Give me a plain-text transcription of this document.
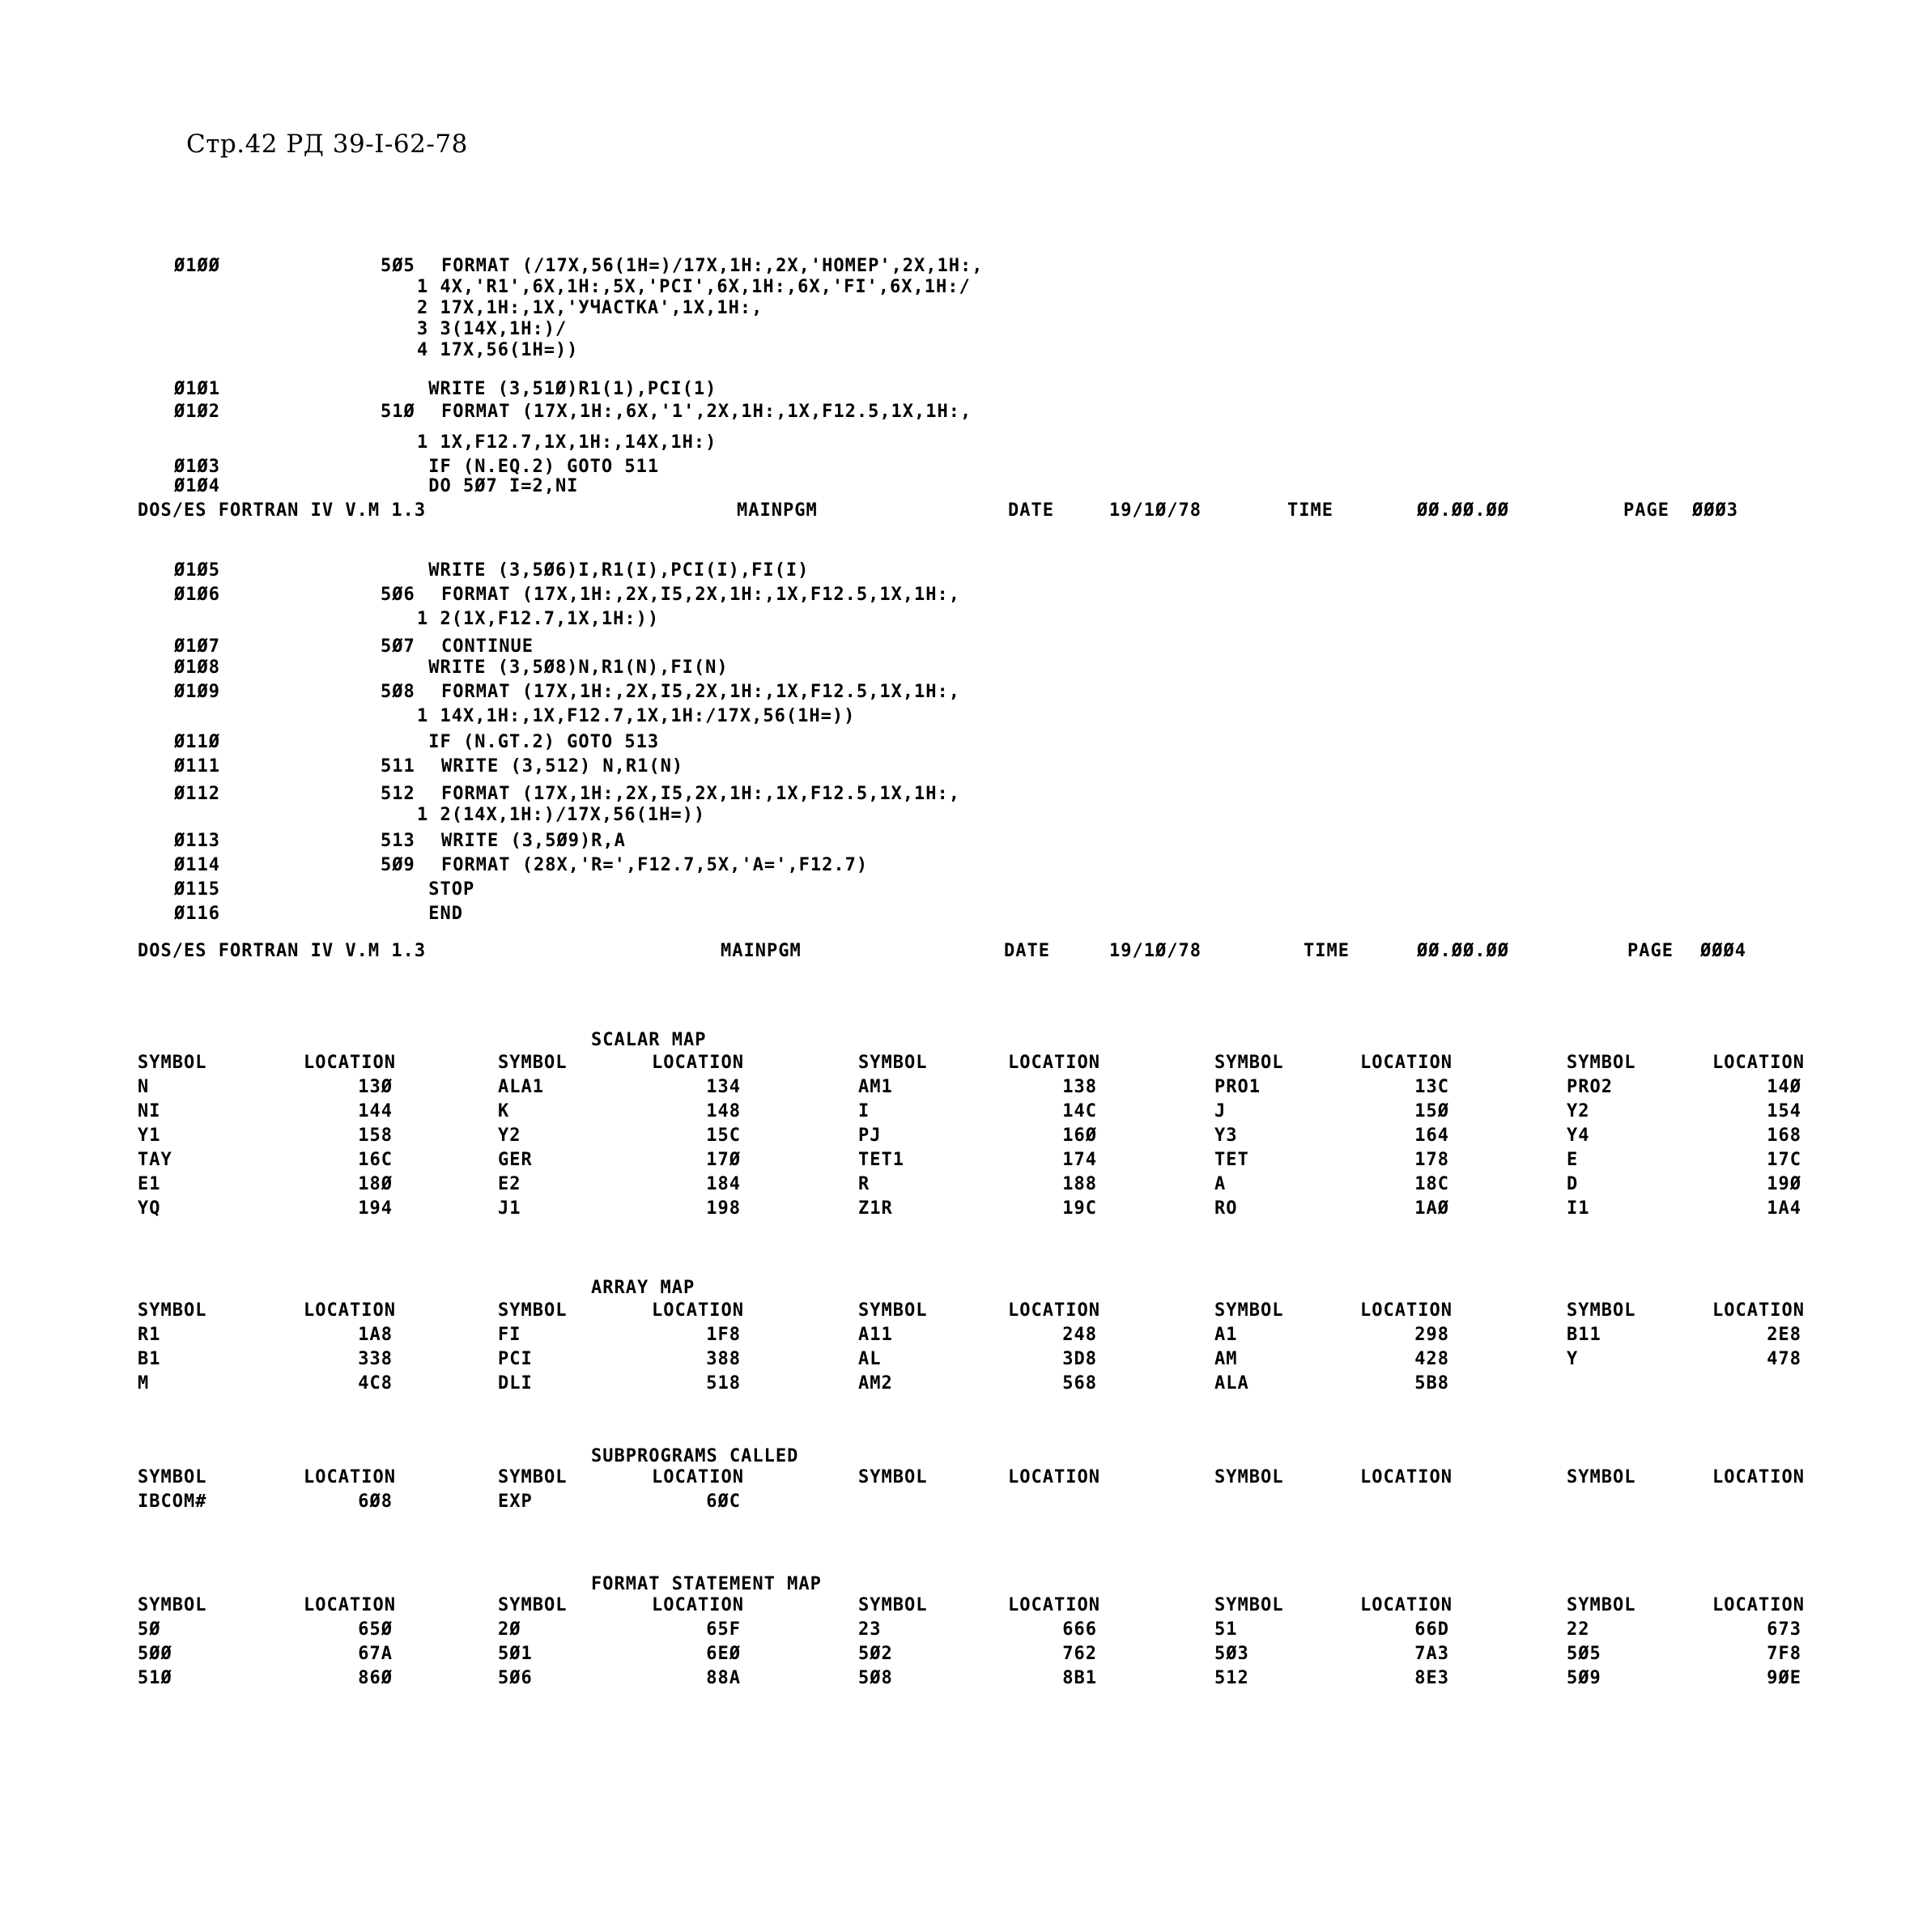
Стр.42 РД 39-I-62-78
Ø1ØØ	5Ø5 FORMAT (/17X,56(1H=)/17X,1H:,2X,'HOMEP',2X,1H:,
1 4X,'R1',6X,1H:,5X,'PCI',6X,1H:,6X,'FI',6X,1H:/
2 17X,1H:,1X,'УЧАСТКА',1X,1H:,
3 3(14X,1H:)/
4 17X,56(1H=))
Ø1Ø1	WRITE (3,51Ø)R1(1),PCI(1)
Ø1Ø2	51Ø FORMAT (17X,1H:,6X,'1',2X,1H:,1X,F12.5,1X,1H:,
1 1X,F12.7,1X,1H:,14X,1H:)
Ø1Ø3	IF (N.EQ.2) GOTO 511
Ø1Ø4	DO 5Ø7 I=2,NI

DOS/ES FORTRAN IV V.M 1.3

	MAINPGM

	DATE

	19/1Ø/78

	TIME

	ØØ.ØØ.ØØ

	PAGE

ØØØ3

Ø1Ø5	WRITE (3,5Ø6)I,R1(I),PCI(I),FI(I)
Ø1Ø6	5Ø6 FORMAT (17X,1H:,2X,I5,2X,1H:,1X,F12.5,1X,1H:,
1 2(1X,F12.7,1X,1H:))
Ø1Ø7	5Ø7 CONTINUE
Ø1Ø8	WRITE (3,5Ø8)N,R1(N),FI(N)
Ø1Ø9	5Ø8 FORMAT (17X,1H:,2X,I5,2X,1H:,1X,F12.5,1X,1H:,
1 14X,1H:,1X,F12.7,1X,1H:/17X,56(1H=))
Ø11Ø	IF (N.GT.2) GOTO 513
Ø111	511 WRITE (3,512) N,R1(N)
Ø112	512 FORMAT (17X,1H:,2X,I5,2X,1H:,1X,F12.5,1X,1H:,
1 2(14X,1H:)/17X,56(1H=))
Ø113	513 WRITE (3,5Ø9)R,A
Ø114	5Ø9 FORMAT (28X,'R=',F12.7,5X,'A=',F12.7)
Ø115	STOP
Ø116	END

DOS/ES FORTRAN IV V.M 1.3

	MAINPGM

	DATE

	19/1Ø/78

	TIME

	ØØ.ØØ.ØØ

	PAGE

ØØØ4

SCALAR MAP
SYMBOL	LOCATION	SYMBOL	LOCATION	SYMBOL	LOCATION	SYMBOL	LOCATION	SYMBOL	LOCATION
N	13Ø	ALA1	134	AM1	138	PRO1	13C	PRO2	14Ø
NI	144	K	148	I	14C	J	15Ø	Y2	154
Y1	158	Y2	15C	PJ	16Ø	Y3	164	Y4	168
TAY	16C	GER	17Ø	TET1	174	TET	178	E	17C
E1	18Ø	E2	184	R	188	A	18C	D	19Ø
YQ	194	J1	198	Z1R	19C	RO	1AØ	I1	1A4
ARRAY MAP
SYMBOL	LOCATION	SYMBOL	LOCATION	SYMBOL	LOCATION	SYMBOL	LOCATION	SYMBOL	LOCATION
R1	1A8	FI	1F8	A11	248	A1	298	B11	2E8
B1	338	PCI	388	AL	3D8	AM	428	Y	478
M	4C8	DLI	518	AM2	568	ALA	5B8
SUBPROGRAMS CALLED
SYMBOL	LOCATION	SYMBOL	LOCATION	SYMBOL	LOCATION	SYMBOL	LOCATION	SYMBOL	LOCATION
IBCOM#	6Ø8	EXP	6ØC
FORMAT STATEMENT MAP
SYMBOL	LOCATION	SYMBOL	LOCATION	SYMBOL	LOCATION	SYMBOL	LOCATION	SYMBOL	LOCATION
5Ø	65Ø	2Ø	65F	23	666	51	66D	22	673
5ØØ	67A	5Ø1	6EØ	5Ø2	762	5Ø3	7A3	5Ø5	7F8
51Ø	86Ø	5Ø6	88A	5Ø8	8B1	512	8E3	5Ø9	9ØE
